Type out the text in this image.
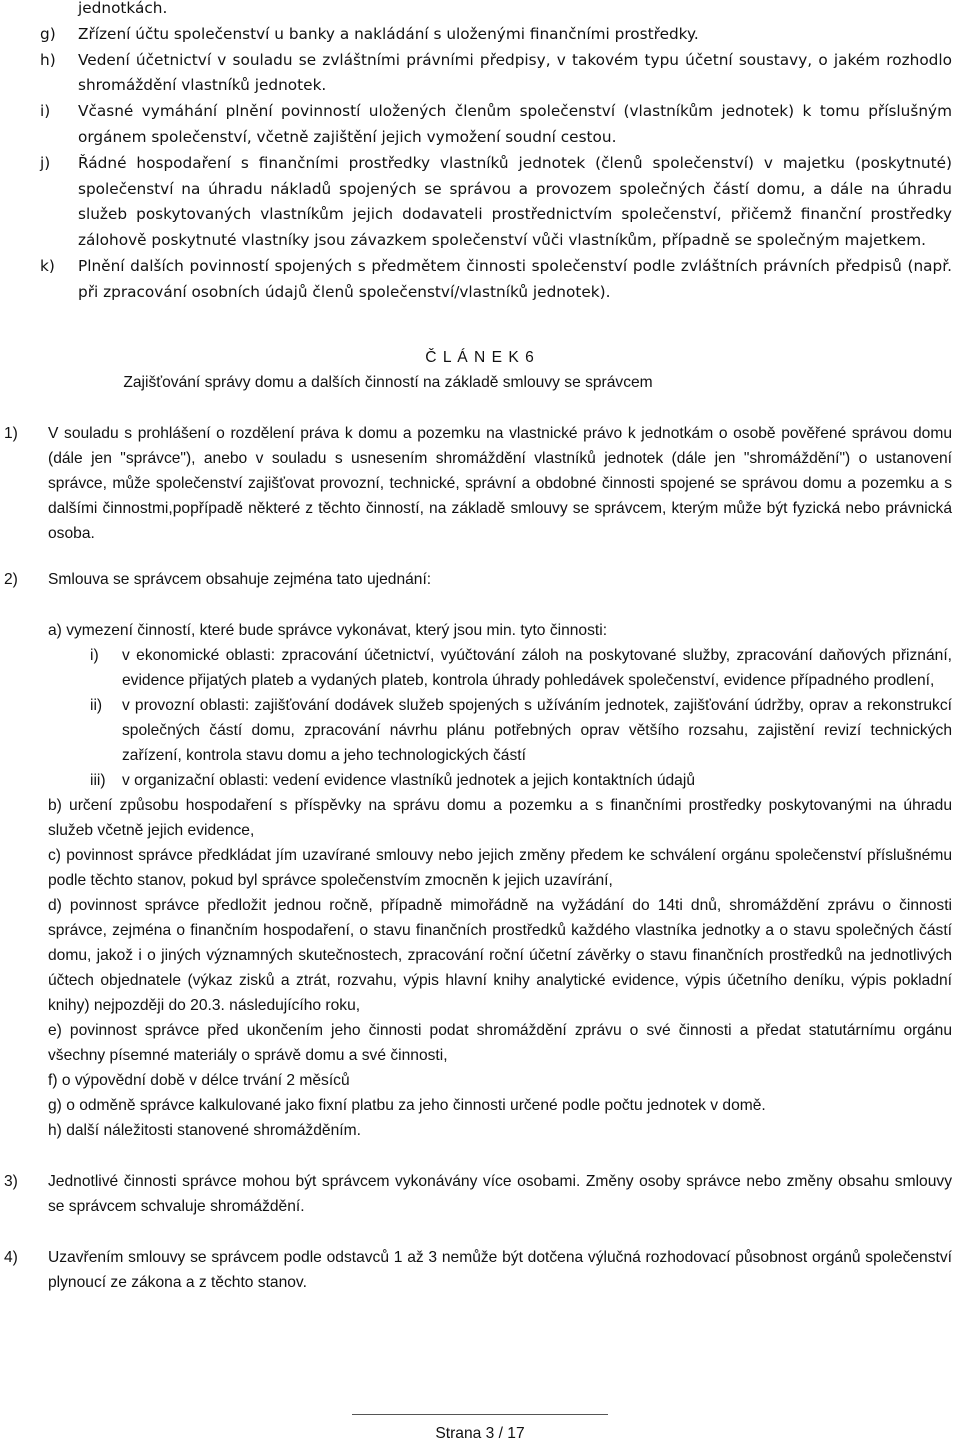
jednotkách.
g) Zřízení účtu společenství u banky a nakládání s uloženými finančními prostředky.
h) Vedení účetnictví v souladu se zvláštními právními předpisy, v takovém typu účetní soustavy, o jakém rozhodlo shromáždění vlastníků jednotek.
i) Včasné vymáhání plnění povinností uložených členům společenství (vlastníkům jednotek) k tomu příslušným orgánem společenství, včetně zajištění jejich vymožení soudní cestou.
j) Řádné hospodaření s finančními prostředky vlastníků jednotek (členů společenství) v majetku (poskytnuté) společenství na úhradu nákladů spojených se správou a provozem společných částí domu, a dále na úhradu služeb poskytovaných vlastníkům jejich dodavateli prostřednictvím společenství, přičemž finanční prostředky zálohově poskytnuté vlastníky jsou závazkem společenství vůči vlastníkům, případně se společným majetkem.
k) Plnění dalších povinností spojených s předmětem činnosti společenství podle zvláštních právních předpisů (např. při zpracování osobních údajů členů společenství/vlastníků jednotek).
Č L Á N E K 6
Zajišťování správy domu a dalších činností na základě smlouvy se správcem
1) V souladu s prohlášení o rozdělení práva k domu a pozemku na vlastnické právo k jednotkám o osobě pověřené správou domu (dále jen "správce"), anebo v souladu s usnesením shromáždění vlastníků jednotek (dále jen "shromáždění") o ustanovení správce, může společenství zajišťovat provozní, technické, správní a obdobné činnosti spojené se správou domu a pozemku a s dalšími činnostmi,popřípadě některé z těchto činností, na základě smlouvy se správcem, kterým může být fyzická nebo právnická osoba.
2) Smlouva se správcem obsahuje zejména tato ujednání:
a) vymezení činností, které bude správce vykonávat, který jsou min. tyto činnosti:
i) v ekonomické oblasti: zpracování účetnictví, vyúčtování záloh na poskytované služby, zpracování daňových přiznání, evidence přijatých plateb a vydaných plateb, kontrola úhrady pohledávek společenství, evidence případného prodlení,
ii) v provozní oblasti: zajišťování dodávek služeb spojených s užíváním jednotek, zajišťování údržby, oprav a rekonstrukcí společných částí domu, zpracování návrhu plánu potřebných oprav většího rozsahu, zajistění revizí technických zařízení, kontrola stavu domu a jeho technologických částí
iii) v organizační oblasti: vedení evidence vlastníků jednotek a jejich kontaktních údajů
b) určení způsobu hospodaření s příspěvky na správu domu a pozemku a s finančními prostředky poskytovanými na úhradu služeb včetně jejich evidence,
c) povinnost správce předkládat jím uzavírané smlouvy nebo jejich změny předem ke schválení orgánu společenství příslušnému podle těchto stanov, pokud byl správce společenstvím zmocněn k jejich uzavírání,
d) povinnost správce předložit jednou ročně, případně mimořádně na vyžádání do 14ti dnů, shromáždění zprávu o činnosti správce, zejména o finančním hospodaření, o stavu finančních prostředků každého vlastníka jednotky a o stavu společných částí domu, jakož i o jiných významných skutečnostech, zpracování roční účetní závěrky o stavu finančních prostředků na jednotlivých účtech objednatele (výkaz zisků a ztrát, rozvahu, výpis hlavní knihy analytické evidence, výpis účetního deníku, výpis pokladní knihy) nejpozději do 20.3. následujícího roku,
e) povinnost správce před ukončením jeho činnosti podat shromáždění zprávu o své činnosti a předat statutárnímu orgánu všechny písemné materiály o správě domu a své činnosti,
f) o výpovědní době v délce trvání 2 měsíců
g) o odměně správce kalkulované jako fixní platbu za jeho činnosti určené podle počtu jednotek v domě.
h) další náležitosti stanovené shromážděním.
3) Jednotlivé činnosti správce mohou být správcem vykonávány více osobami. Změny osoby správce nebo změny obsahu smlouvy se správcem schvaluje shromáždění.
4) Uzavřením smlouvy se správcem podle odstavců 1 až 3 nemůže být dotčena výlučná rozhodovací působnost orgánů společenství plynoucí ze zákona a z těchto stanov.
Strana 3 / 17
